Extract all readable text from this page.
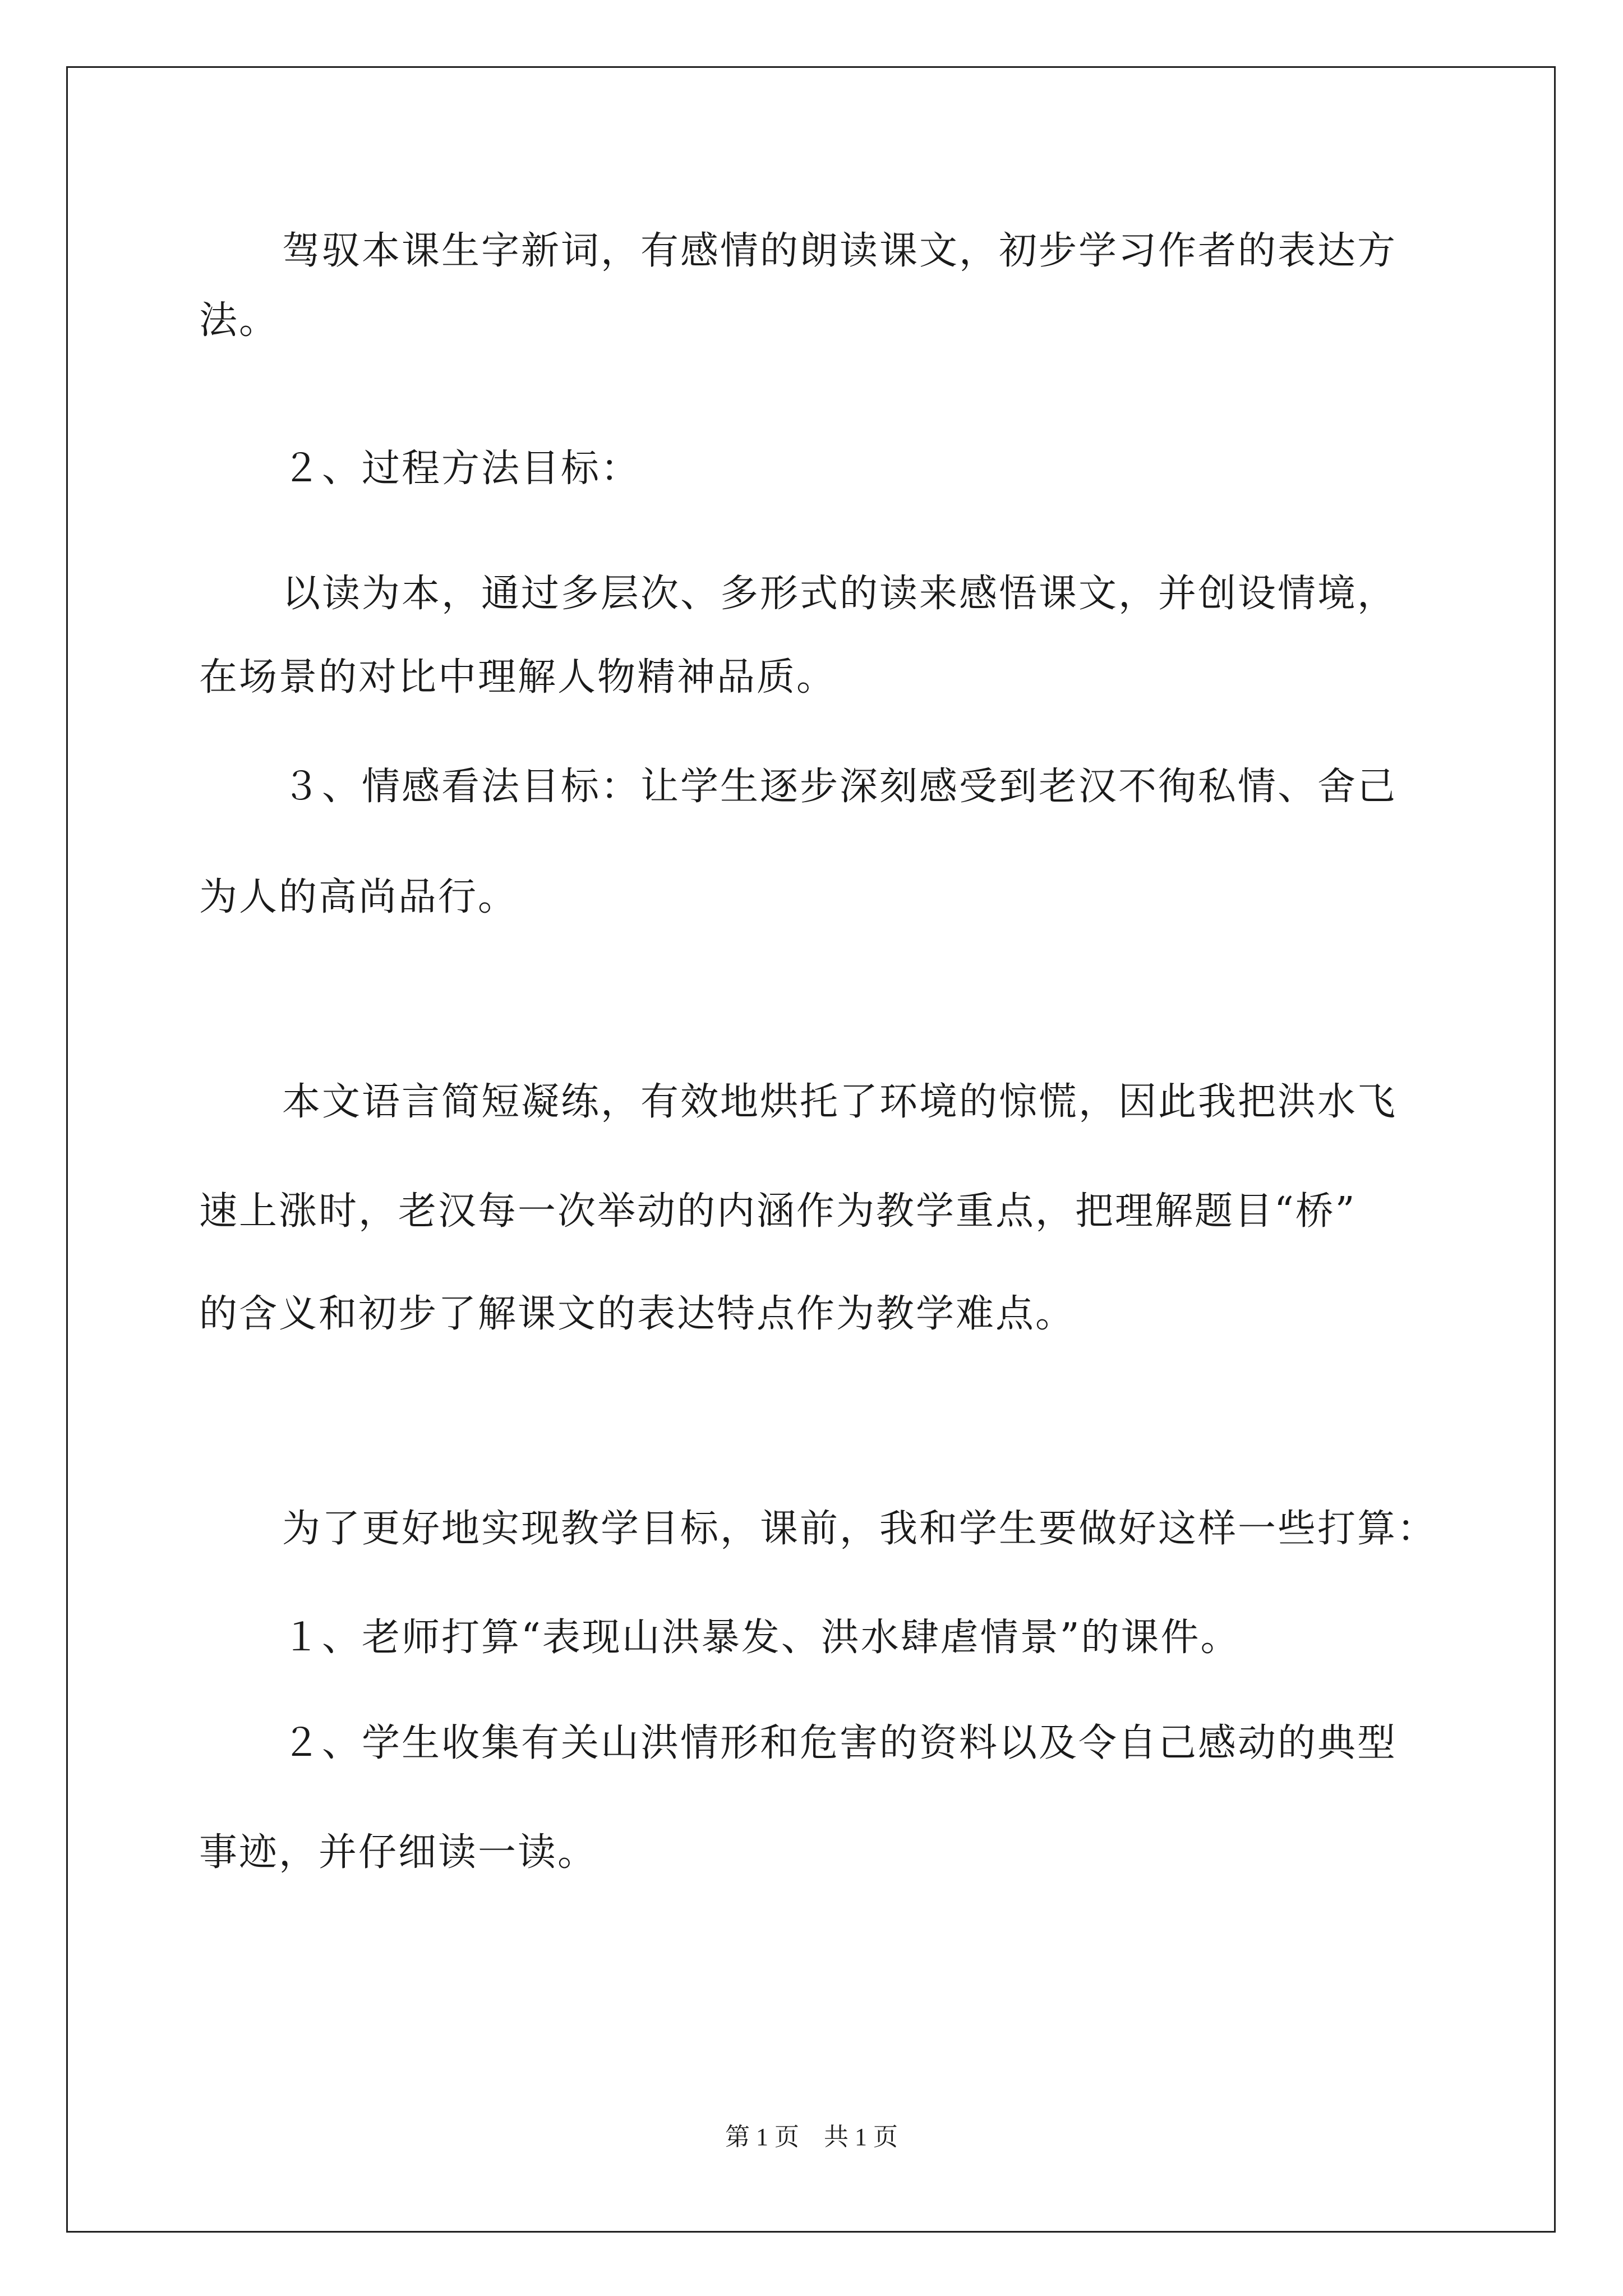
驾驭本课生字新词，有感情的朗读课文，初步学习作者的表达方
法。
２、过程方法目标：
以读为本，通过多层次、多形式的读来感悟课文，并创设情境，
在场景的对比中理解人物精神品质。
３、情感看法目标：让学生逐步深刻感受到老汉不徇私情、舍己
为人的高尚品行。
本文语言简短凝练，有效地烘托了环境的惊慌，因此我把洪水飞
速上涨时，老汉每一次举动的内涵作为教学重点，把理解题目“桥”
的含义和初步了解课文的表达特点作为教学难点。
为了更好地实现教学目标，课前，我和学生要做好这样一些打算：
１、老师打算“表现山洪暴发、洪水肆虐情景”的课件。
２、学生收集有关山洪情形和危害的资料以及令自己感动的典型
事迹，并仔细读一读。
第 1 页　共 1 页
